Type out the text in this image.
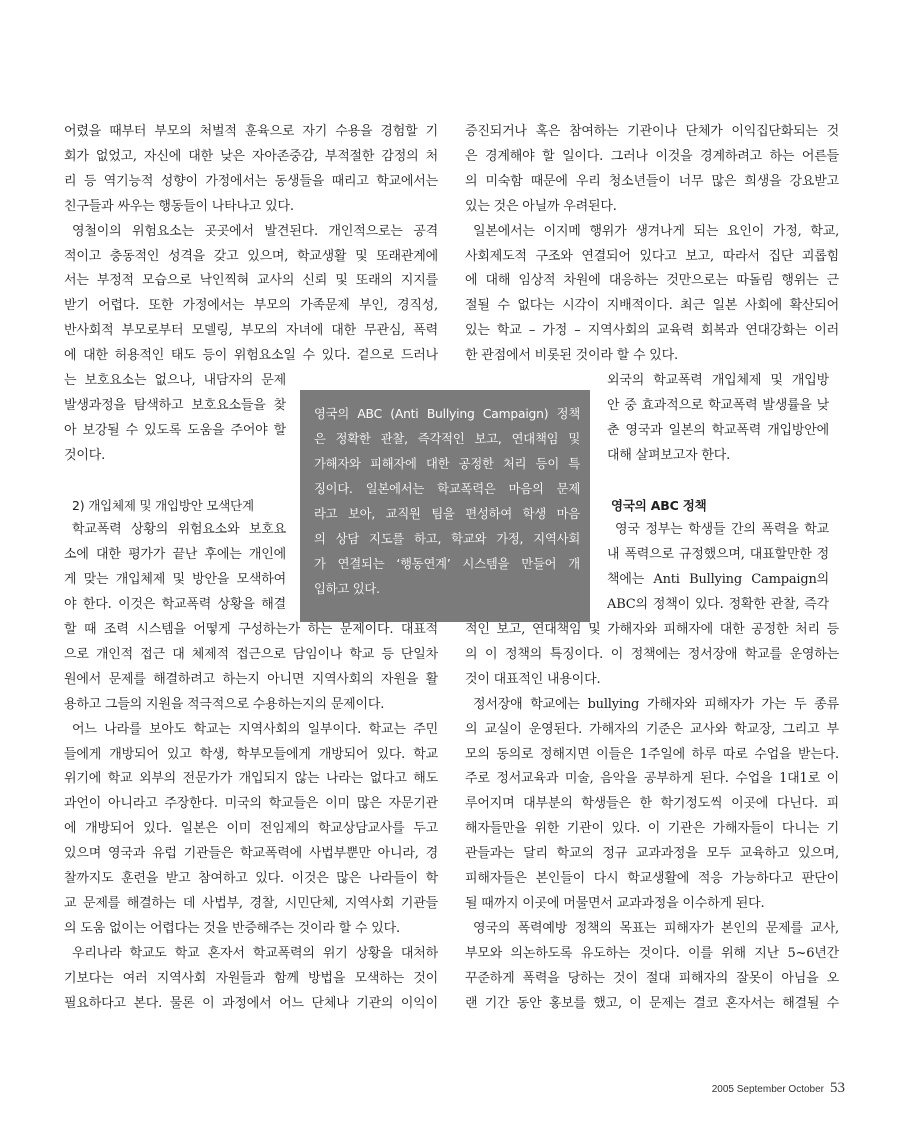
어렸을 때부터 부모의 처벌적 훈육으로 자기 수용을 경험할 기
회가 없었고, 자신에 대한 낮은 자아존중감, 부적절한 감정의 처
리 등 역기능적 성향이 가정에서는 동생들을 때리고 학교에서는
친구들과 싸우는 행동들이 나타나고 있다.
영철이의 위험요소는 곳곳에서 발견된다. 개인적으로는 공격
적이고 충동적인 성격을 갖고 있으며, 학교생활 및 또래관계에
서는 부정적 모습으로 낙인찍혀 교사의 신뢰 및 또래의 지지를
받기 어렵다. 또한 가정에서는 부모의 가족문제 부인, 경직성,
반사회적 부모로부터 모델링, 부모의 자녀에 대한 무관심, 폭력
에 대한 허용적인 태도 등이 위험요소일 수 있다. 겉으로 드러나
는 보호요소는 없으나, 내담자의 문제
발생과정을 탐색하고 보호요소들을 찾
아 보강될 수 있도록 도움을 주어야 할
것이다.
2) 개입체제 및 개입방안 모색단계
학교폭력 상황의 위험요소와 보호요
소에 대한 평가가 끝난 후에는 개인에
게 맞는 개입체제 및 방안을 모색하여
야 한다. 이것은 학교폭력 상황을 해결
할 때 조력 시스템을 어떻게 구성하는가 하는 문제이다. 대표적
으로 개인적 접근 대 체제적 접근으로 담임이나 학교 등 단일차
원에서 문제를 해결하려고 하는지 아니면 지역사회의 자원을 활
용하고 그들의 지원을 적극적으로 수용하는지의 문제이다.
어느 나라를 보아도 학교는 지역사회의 일부이다. 학교는 주민
들에게 개방되어 있고 학생, 학부모들에게 개방되어 있다. 학교
위기에 학교 외부의 전문가가 개입되지 않는 나라는 없다고 해도
과언이 아니라고 주장한다. 미국의 학교들은 이미 많은 자문기관
에 개방되어 있다. 일본은 이미 전임제의 학교상담교사를 두고
있으며 영국과 유럽 기관들은 학교폭력에 사법부뿐만 아니라, 경
찰까지도 훈련을 받고 참여하고 있다. 이것은 많은 나라들이 학
교 문제를 해결하는 데 사법부, 경찰, 시민단체, 지역사회 기관들
의 도움 없이는 어렵다는 것을 반증해주는 것이라 할 수 있다.
우리나라 학교도 학교 혼자서 학교폭력의 위기 상황을 대처하
기보다는 여러 지역사회 자원들과 함께 방법을 모색하는 것이
필요하다고 본다. 물론 이 과정에서 어느 단체나 기관의 이익이
증진되거나 혹은 참여하는 기관이나 단체가 이익집단화되는 것
은 경계해야 할 일이다. 그러나 이것을 경계하려고 하는 어른들
의 미숙함 때문에 우리 청소년들이 너무 많은 희생을 강요받고
있는 것은 아닐까 우려된다.
일본에서는 이지메 행위가 생겨나게 되는 요인이 가정, 학교,
사회제도적 구조와 연결되어 있다고 보고, 따라서 집단 괴롭힘
에 대해 임상적 차원에 대응하는 것만으로는 따돌림 행위는 근
절될 수 없다는 시각이 지배적이다. 최근 일본 사회에 확산되어
있는 학교 – 가정 – 지역사회의 교육력 회복과 연대강화는 이러
한 관점에서 비롯된 것이라 할 수 있다.
외국의 학교폭력 개입체제 및 개입방
안 중 효과적으로 학교폭력 발생률을 낮
춘 영국과 일본의 학교폭력 개입방안에
대해 살펴보고자 한다.
영국의 ABC 정책
영국 정부는 학생들 간의 폭력을 학교
내 폭력으로 규정했으며, 대표할만한 정
책에는 Anti Bullying Campaign의
ABC의 정책이 있다. 정확한 관찰, 즉각
적인 보고, 연대책임 및 가해자와 피해자에 대한 공정한 처리 등
의 이 정책의 특징이다. 이 정책에는 정서장애 학교를 운영하는
것이 대표적인 내용이다.
정서장애 학교에는 bullying 가해자와 피해자가 가는 두 종류
의 교실이 운영된다. 가해자의 기준은 교사와 학교장, 그리고 부
모의 동의로 정해지면 이들은 1주일에 하루 따로 수업을 받는다.
주로 정서교육과 미술, 음악을 공부하게 된다. 수업을 1대1로 이
루어지며 대부분의 학생들은 한 학기정도씩 이곳에 다닌다. 피
해자들만을 위한 기관이 있다. 이 기관은 가해자들이 다니는 기
관들과는 달리 학교의 정규 교과과정을 모두 교육하고 있으며,
피해자들은 본인들이 다시 학교생활에 적응 가능하다고 판단이
될 때까지 이곳에 머물면서 교과과정을 이수하게 된다.
영국의 폭력예방 정책의 목표는 피해자가 본인의 문제를 교사,
부모와 의논하도록 유도하는 것이다. 이를 위해 지난 5~6년간
꾸준하게 폭력을 당하는 것이 절대 피해자의 잘못이 아님을 오
랜 기간 동안 홍보를 했고, 이 문제는 결코 혼자서는 해결될 수
영국의 ABC (Anti Bullying Campaign) 정책
은 정확한 관찰, 즉각적인 보고, 연대책임 및
가해자와 피해자에 대한 공정한 처리 등이 특
징이다. 일본에서는 학교폭력은 마음의 문제
라고 보아, 교직원 팀을 편성하여 학생 마음
의 상담 지도를 하고, 학교와 가정, 지역사회
가 연결되는 ‘행동연계’ 시스템을 만들어 개
입하고 있다.
2005 September October 53
